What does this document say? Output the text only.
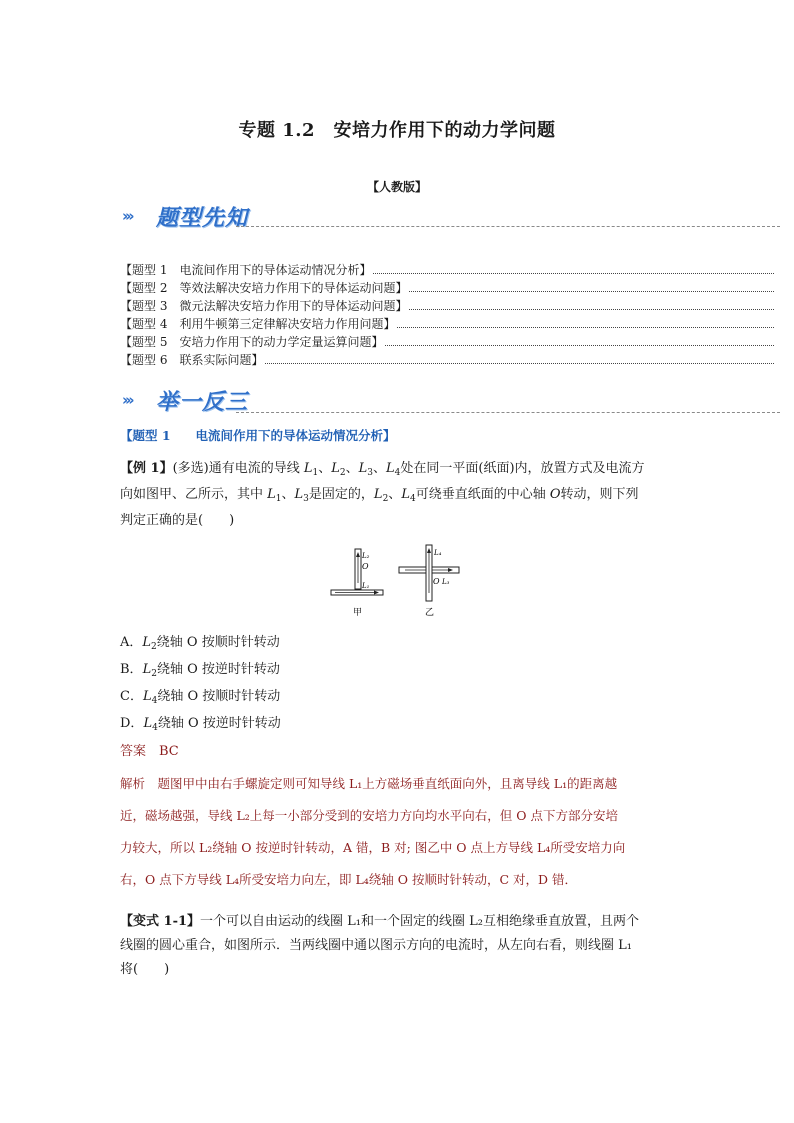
专题 1.2　安培力作用下的动力学问题
【人教版】
››› 题型先知
【题型 1　电流间作用下的导体运动情况分析】
【题型 2　等效法解决安培力作用下的导体运动问题】
【题型 3　微元法解决安培力作用下的导体运动问题】
【题型 4　利用牛顿第三定律解决安培力作用问题】
【题型 5　安培力作用下的动力学定量运算问题】
【题型 6　联系实际问题】
››› 举一反三
【题型 1　　电流间作用下的导体运动情况分析】
【例 1】(多选)通有电流的导线 $L_1$、$L_2$、$L_3$、$L_4$处在同一平面(纸面)内，放置方式及电流方
向如图甲、乙所示，其中 $L_1$、$L_3$是固定的，$L_2$、$L_4$可绕垂直纸面的中心轴 O转动，则下列
判定正确的是(　　)
L₂
O
L₁
甲
L₄
O L₃
乙
A．$L_2$绕轴 O 按顺时针转动
B．$L_2$绕轴 O 按逆时针转动
C．$L_4$绕轴 O 按顺时针转动
D．$L_4$绕轴 O 按逆时针转动
答案　BC
解析　题图甲中由右手螺旋定则可知导线 L₁上方磁场垂直纸面向外，且离导线 L₁的距离越
近，磁场越强，导线 L₂上每一小部分受到的安培力方向均水平向右，但 O 点下方部分安培
力较大，所以 L₂绕轴 O 按逆时针转动，A 错，B 对; 图乙中 O 点上方导线 L₄所受安培力向
右，O 点下方导线 L₄所受安培力向左，即 L₄绕轴 O 按顺时针转动，C 对，D 错．
【变式 1-1】一个可以自由运动的线圈 L₁和一个固定的线圈 L₂互相绝缘垂直放置，且两个
线圈的圆心重合，如图所示．当两线圈中通以图示方向的电流时，从左向右看，则线圈 L₁
将(　　)
